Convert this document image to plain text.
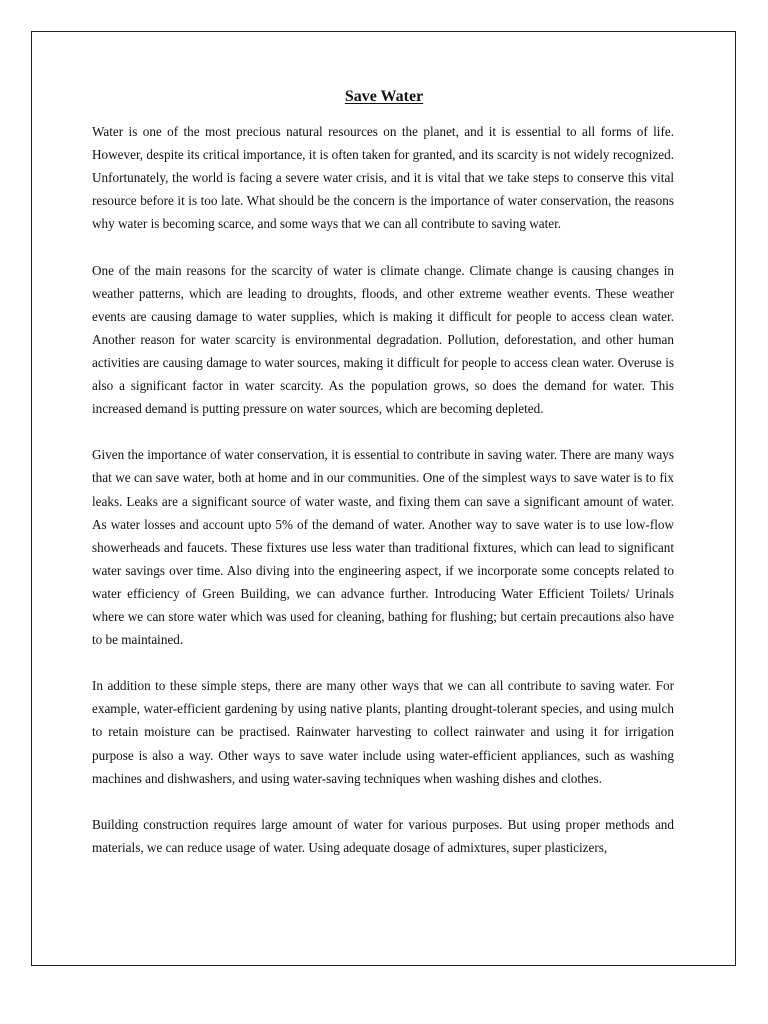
Save Water

Water is one of the most precious natural resources on the planet, and it is essential to all forms of life. However, despite its critical importance, it is often taken for granted, and its scarcity is not widely recognized. Unfortunately, the world is facing a severe water crisis, and it is vital that we take steps to conserve this vital resource before it is too late. What should be the concern is the importance of water conservation, the reasons why water is becoming scarce, and some ways that we can all contribute to saving water.

One of the main reasons for the scarcity of water is climate change. Climate change is causing changes in weather patterns, which are leading to droughts, floods, and other extreme weather events. These weather events are causing damage to water supplies, which is making it difficult for people to access clean water. Another reason for water scarcity is environmental degradation. Pollution, deforestation, and other human activities are causing damage to water sources, making it difficult for people to access clean water. Overuse is also a significant factor in water scarcity. As the population grows, so does the demand for water. This increased demand is putting pressure on water sources, which are becoming depleted.

Given the importance of water conservation, it is essential to contribute in saving water. There are many ways that we can save water, both at home and in our communities. One of the simplest ways to save water is to fix leaks. Leaks are a significant source of water waste, and fixing them can save a significant amount of water. As water losses and account upto 5% of the demand of water. Another way to save water is to use low-flow showerheads and faucets. These fixtures use less water than traditional fixtures, which can lead to significant water savings over time. Also diving into the engineering aspect, if we incorporate some concepts related to water efficiency of Green Building, we can advance further. Introducing Water Efficient Toilets/ Urinals where we can store water which was used for cleaning, bathing for flushing; but certain precautions also have to be maintained.

In addition to these simple steps, there are many other ways that we can all contribute to saving water. For example, water-efficient gardening by using native plants, planting drought-tolerant species, and using mulch to retain moisture can be practised. Rainwater harvesting to collect rainwater and using it for irrigation purpose is also a way. Other ways to save water include using water-efficient appliances, such as washing machines and dishwashers, and using water-saving techniques when washing dishes and clothes.

Building construction requires large amount of water for various purposes. But using proper methods and materials, we can reduce usage of water. Using adequate dosage of admixtures, super plasticizers,
